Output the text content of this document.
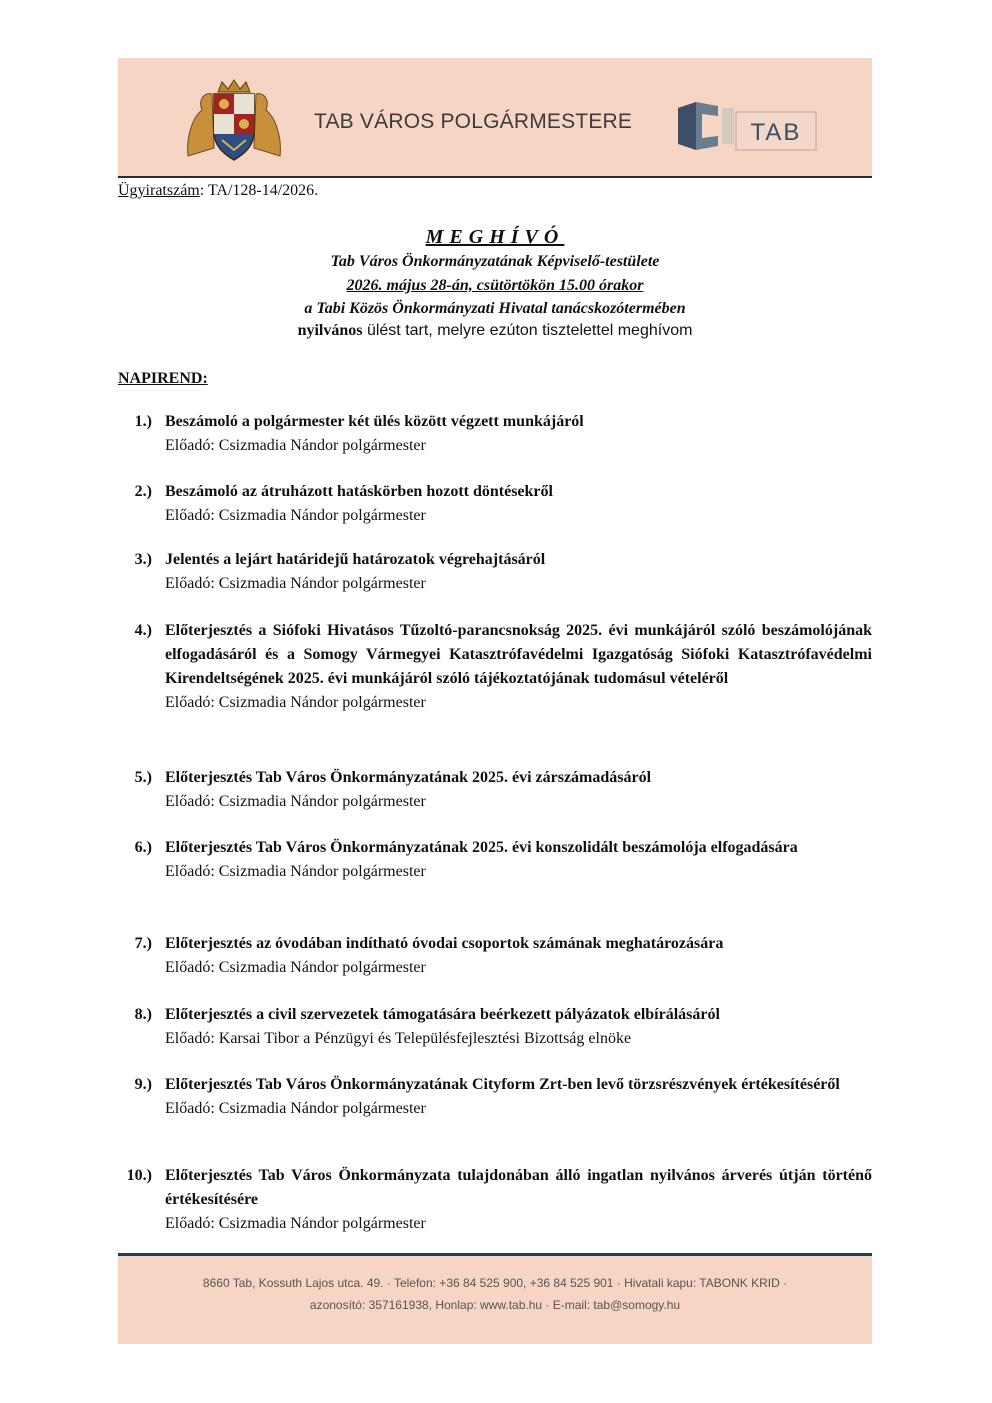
TAB VÁROS POLGÁRMESTERE	TAB
Ügyiratszám: TA/128-14/2026.
MEGHÍVÓ
Tab Város Önkormányzatának Képviselő-testülete
2026. május 28-án, csütörtökön 15.00 órakor
a Tabi Közös Önkormányzati Hivatal tanácskozótermében
nyilvános ülést tart, melyre ezúton tisztelettel meghívom
NAPIREND:
1.) Beszámoló a polgármester két ülés között végzett munkájáról
Előadó: Csizmadia Nándor polgármester
2.) Beszámoló az átruházott hatáskörben hozott döntésekről
Előadó: Csizmadia Nándor polgármester
3.) Jelentés a lejárt határidejű határozatok végrehajtásáról
Előadó: Csizmadia Nándor polgármester
4.) Előterjesztés a Siófoki Hivatásos Tűzoltó-parancsnokság 2025. évi munkájáról szóló beszámolójának elfogadásáról és a Somogy Vármegyei Katasztrófavédelmi Igazgatóság Siófoki Katasztrófavédelmi Kirendeltségének 2025. évi munkájáról szóló tájékoztatójának tudomásul vételéről
Előadó: Csizmadia Nándor polgármester
5.) Előterjesztés Tab Város Önkormányzatának 2025. évi zárszámadásáról
Előadó: Csizmadia Nándor polgármester
6.) Előterjesztés Tab Város Önkormányzatának 2025. évi konszolidált beszámolója elfogadására
Előadó: Csizmadia Nándor polgármester
7.) Előterjesztés az óvodában indítható óvodai csoportok számának meghatározására
Előadó: Csizmadia Nándor polgármester
8.) Előterjesztés a civil szervezetek támogatására beérkezett pályázatok elbírálásáról
Előadó: Karsai Tibor a Pénzügyi és Településfejlesztési Bizottság elnöke
9.) Előterjesztés Tab Város Önkormányzatának Cityform Zrt-ben levő törzsrészvények értékesítéséről
Előadó: Csizmadia Nándor polgármester
10.) Előterjesztés Tab Város Önkormányzata tulajdonában álló ingatlan nyilvános árverés útján történő értékesítésére
Előadó: Csizmadia Nándor polgármester
8660 Tab, Kossuth Lajos utca. 49. · Telefon: +36 84 525 900, +36 84 525 901 · Hivatali kapu: TABONK KRID ·
azonosító: 357161938, Honlap: www.tab.hu · E-mail: tab@somogy.hu
